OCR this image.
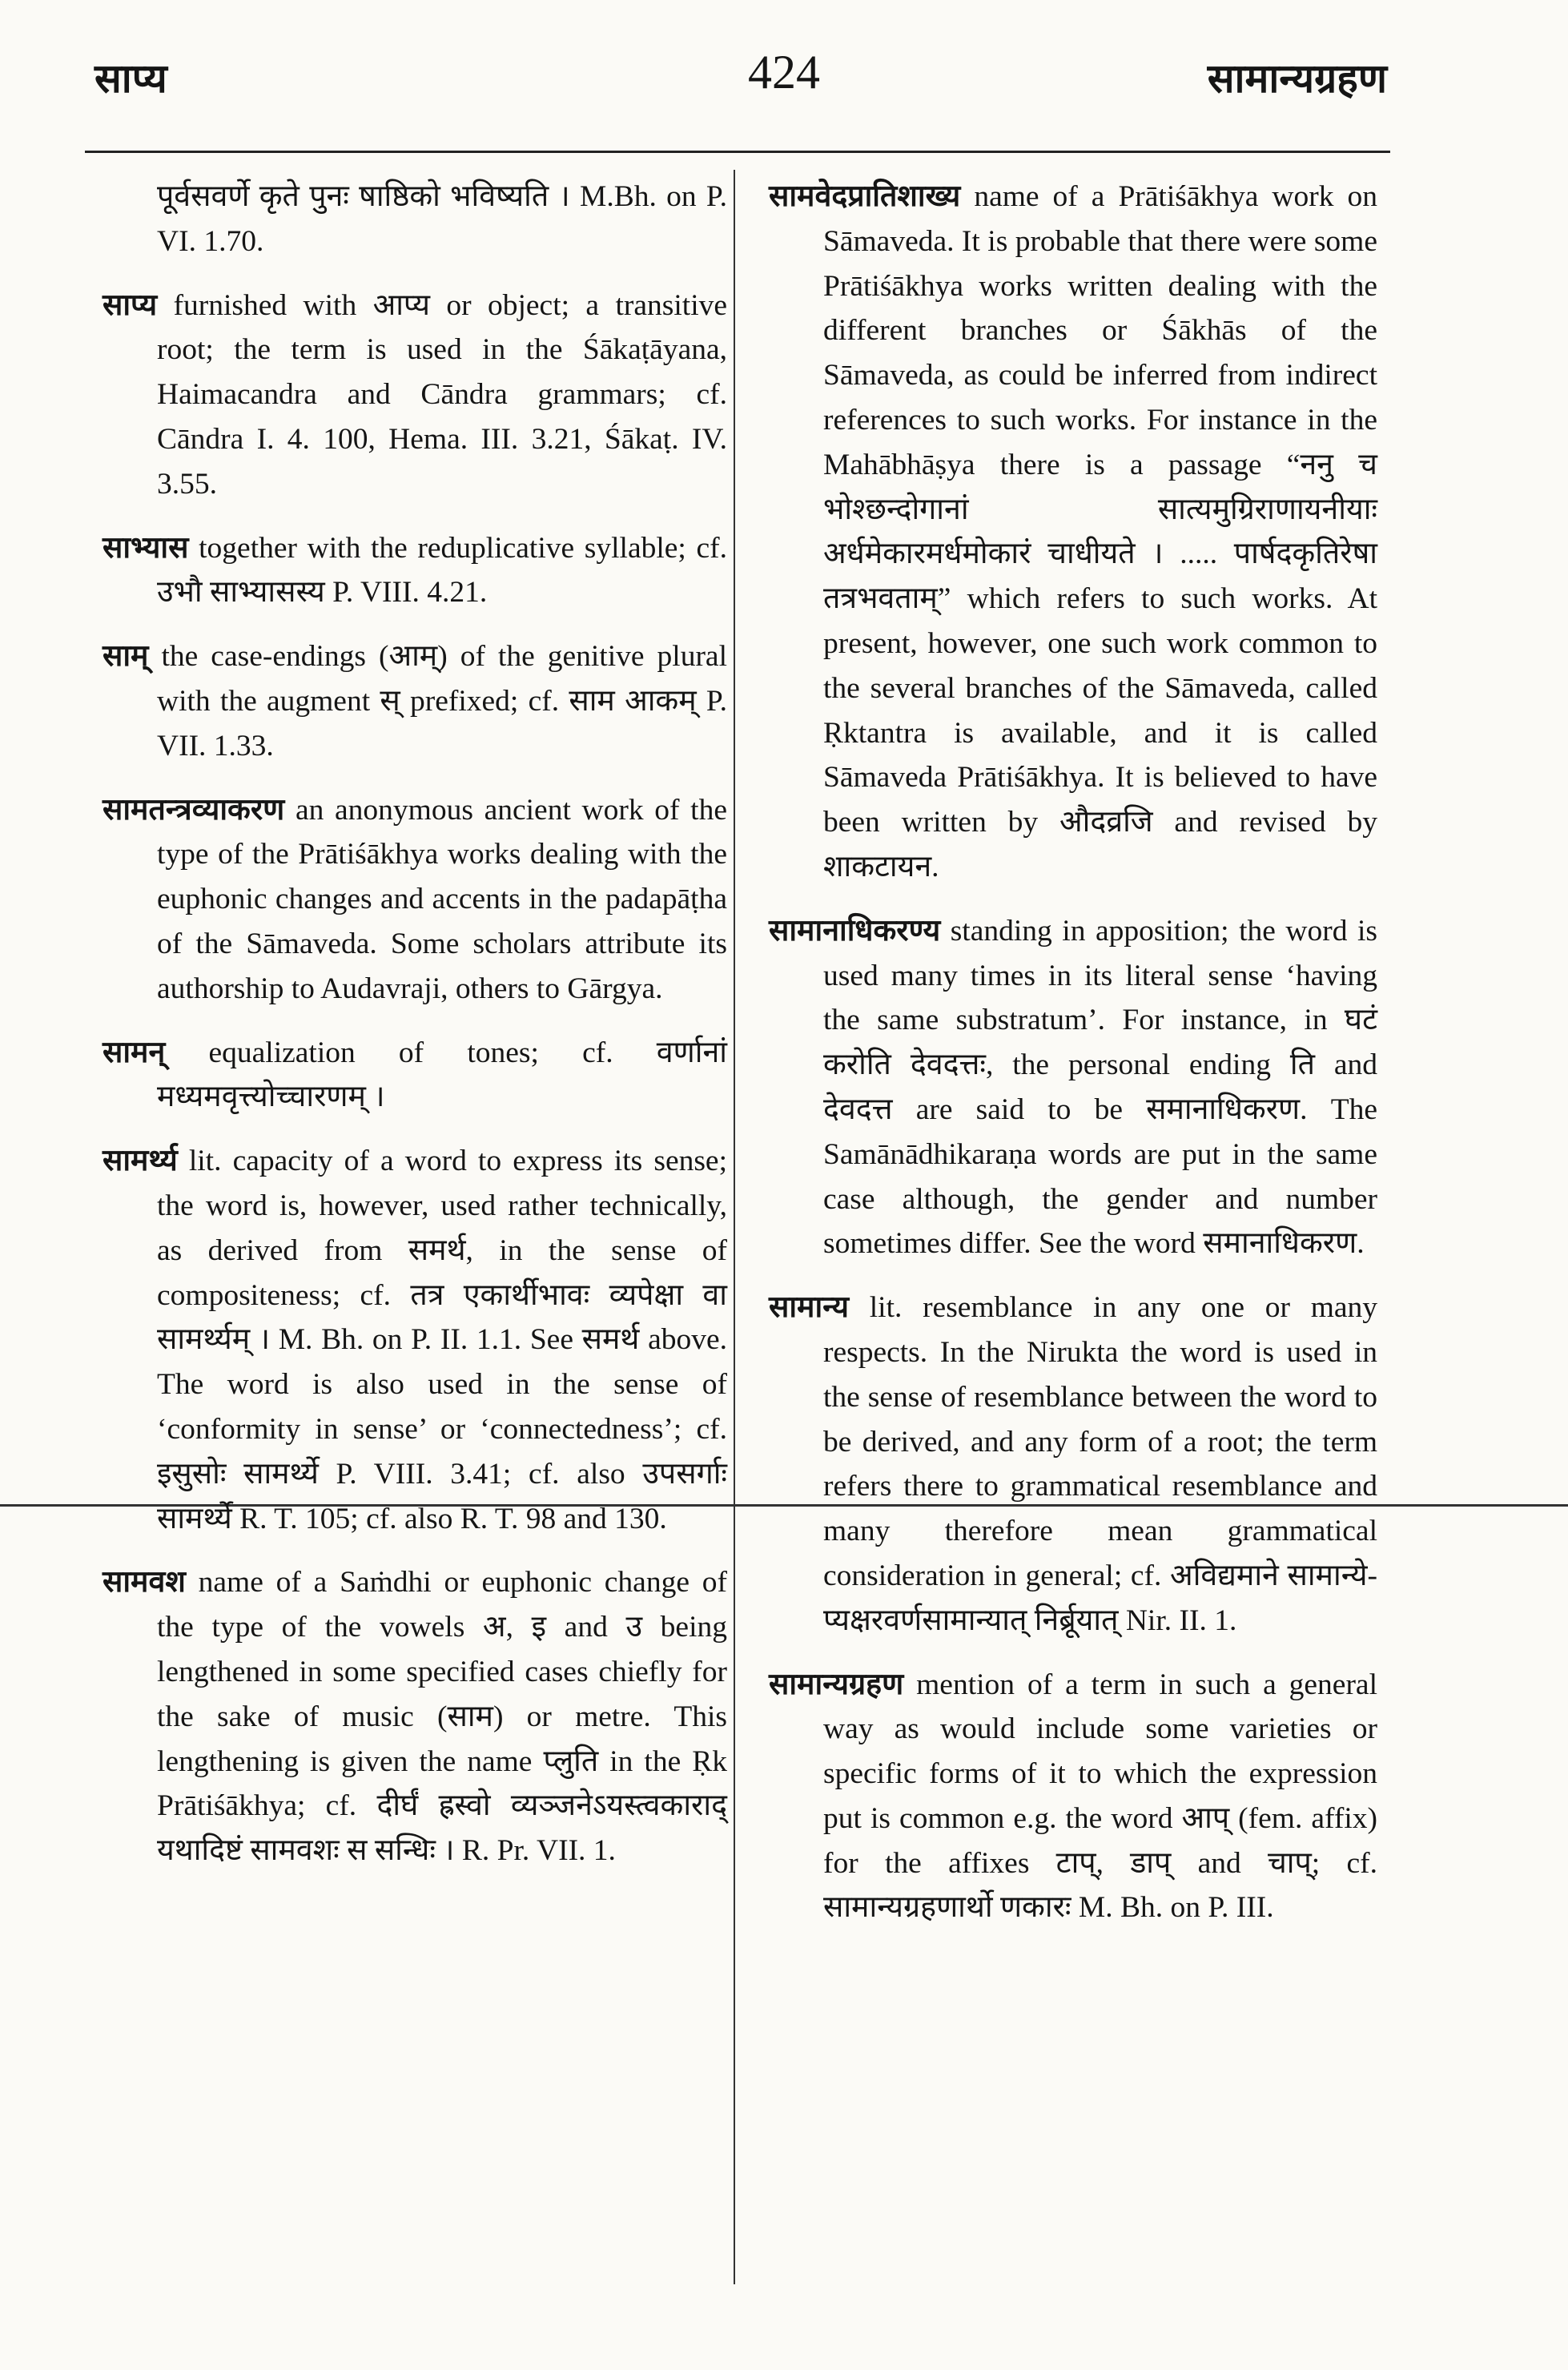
साप्य	424	सामान्यग्रहण

पूर्वसवर्णे कृते पुनः षाष्ठिको भविष्यति । M.Bh. on P. VI. 1.70.

साप्य furnished with आप्य or object; a transitive root; the term is used in the Śākaṭāyana, Haimacandra and Cāndra grammars; cf. Cāndra I. 4. 100, Hema. III. 3.21, Śākaṭ. IV. 3.55.

साभ्यास together with the reduplicative syllable; cf. उभौ साभ्यासस्य P. VIII. 4.21.

साम् the case-endings (आम्) of the genitive plural with the augment स् prefixed; cf. साम आकम् P. VII. 1.33.

सामतन्त्रव्याकरण an anonymous ancient work of the type of the Prātiśākhya works dealing with the euphonic changes and accents in the padapāṭha of the Sāmaveda. Some scholars attribute its authorship to Audavraji, others to Gārgya.

सामन् equalization of tones; cf. वर्णानां मध्यमवृत्त्योच्चारणम् ।

सामर्थ्य lit. capacity of a word to express its sense; the word is, however, used rather technically, as derived from समर्थ, in the sense of compositeness; cf. तत्र एकार्थीभावः व्यपेक्षा वा सामर्थ्यम् । M. Bh. on P. II. 1.1. See समर्थ above. The word is also used in the sense of ‘conformity in sense’ or ‘connectedness’; cf. इसुसोः सामर्थ्ये P. VIII. 3.41; cf. also उपसर्गाः सामर्थ्ये R. T. 105; cf. also R. T. 98 and 130.

सामवश name of a Saṁdhi or euphonic change of the type of the vowels अ, इ and उ being lengthened in some specified cases chiefly for the sake of music (साम) or metre. This lengthening is given the name प्लुति in the Ṛk Prātiśākhya; cf. दीर्घं ह्रस्वो व्यञ्जनेऽयस्त्वकाराद् यथादिष्टं सामवशः स सन्धिः । R. Pr. VII. 1.

सामवेदप्रातिशाख्य name of a Prātiśākhya work on Sāmaveda. It is probable that there were some Prātiśākhya works written dealing with the different branches or Śākhās of the Sāmaveda, as could be inferred from indirect references to such works. For instance in the Mahābhāṣya there is a passage “ननु च भोश्छन्दोगानां सात्यमुग्रिराणायनीयाः अर्धमेकारमर्धमोकारं चाधीयते । ..... पार्षदकृतिरेषा तत्रभवताम्” which refers to such works. At present, however, one such work common to the several branches of the Sāmaveda, called Ṛktantra is available, and it is called Sāmaveda Prātiśākhya. It is believed to have been written by औदव्रजि and revised by शाकटायन.

सामानाधिकरण्य standing in apposition; the word is used many times in its literal sense ‘having the same substratum’. For instance, in घटं करोति देवदत्तः, the personal ending ति and देवदत्त are said to be समानाधिकरण. The Samānādhikaraṇa words are put in the same case although, the gender and number sometimes differ. See the word समानाधिकरण.

सामान्य lit. resemblance in any one or many respects. In the Nirukta the word is used in the sense of resemblance between the word to be derived, and any form of a root; the term refers there to grammatical resemblance and many therefore mean grammatical consideration in general; cf. अविद्यमाने सामान्ये-प्यक्षरवर्णसामान्यात् निर्ब्रूयात् Nir. II. 1.

सामान्यग्रहण mention of a term in such a general way as would include some varieties or specific forms of it to which the expression put is common e.g. the word आप् (fem. affix) for the affixes टाप्, डाप् and चाप्; cf. सामान्यग्रहणार्थो णकारः M. Bh. on P. III.
